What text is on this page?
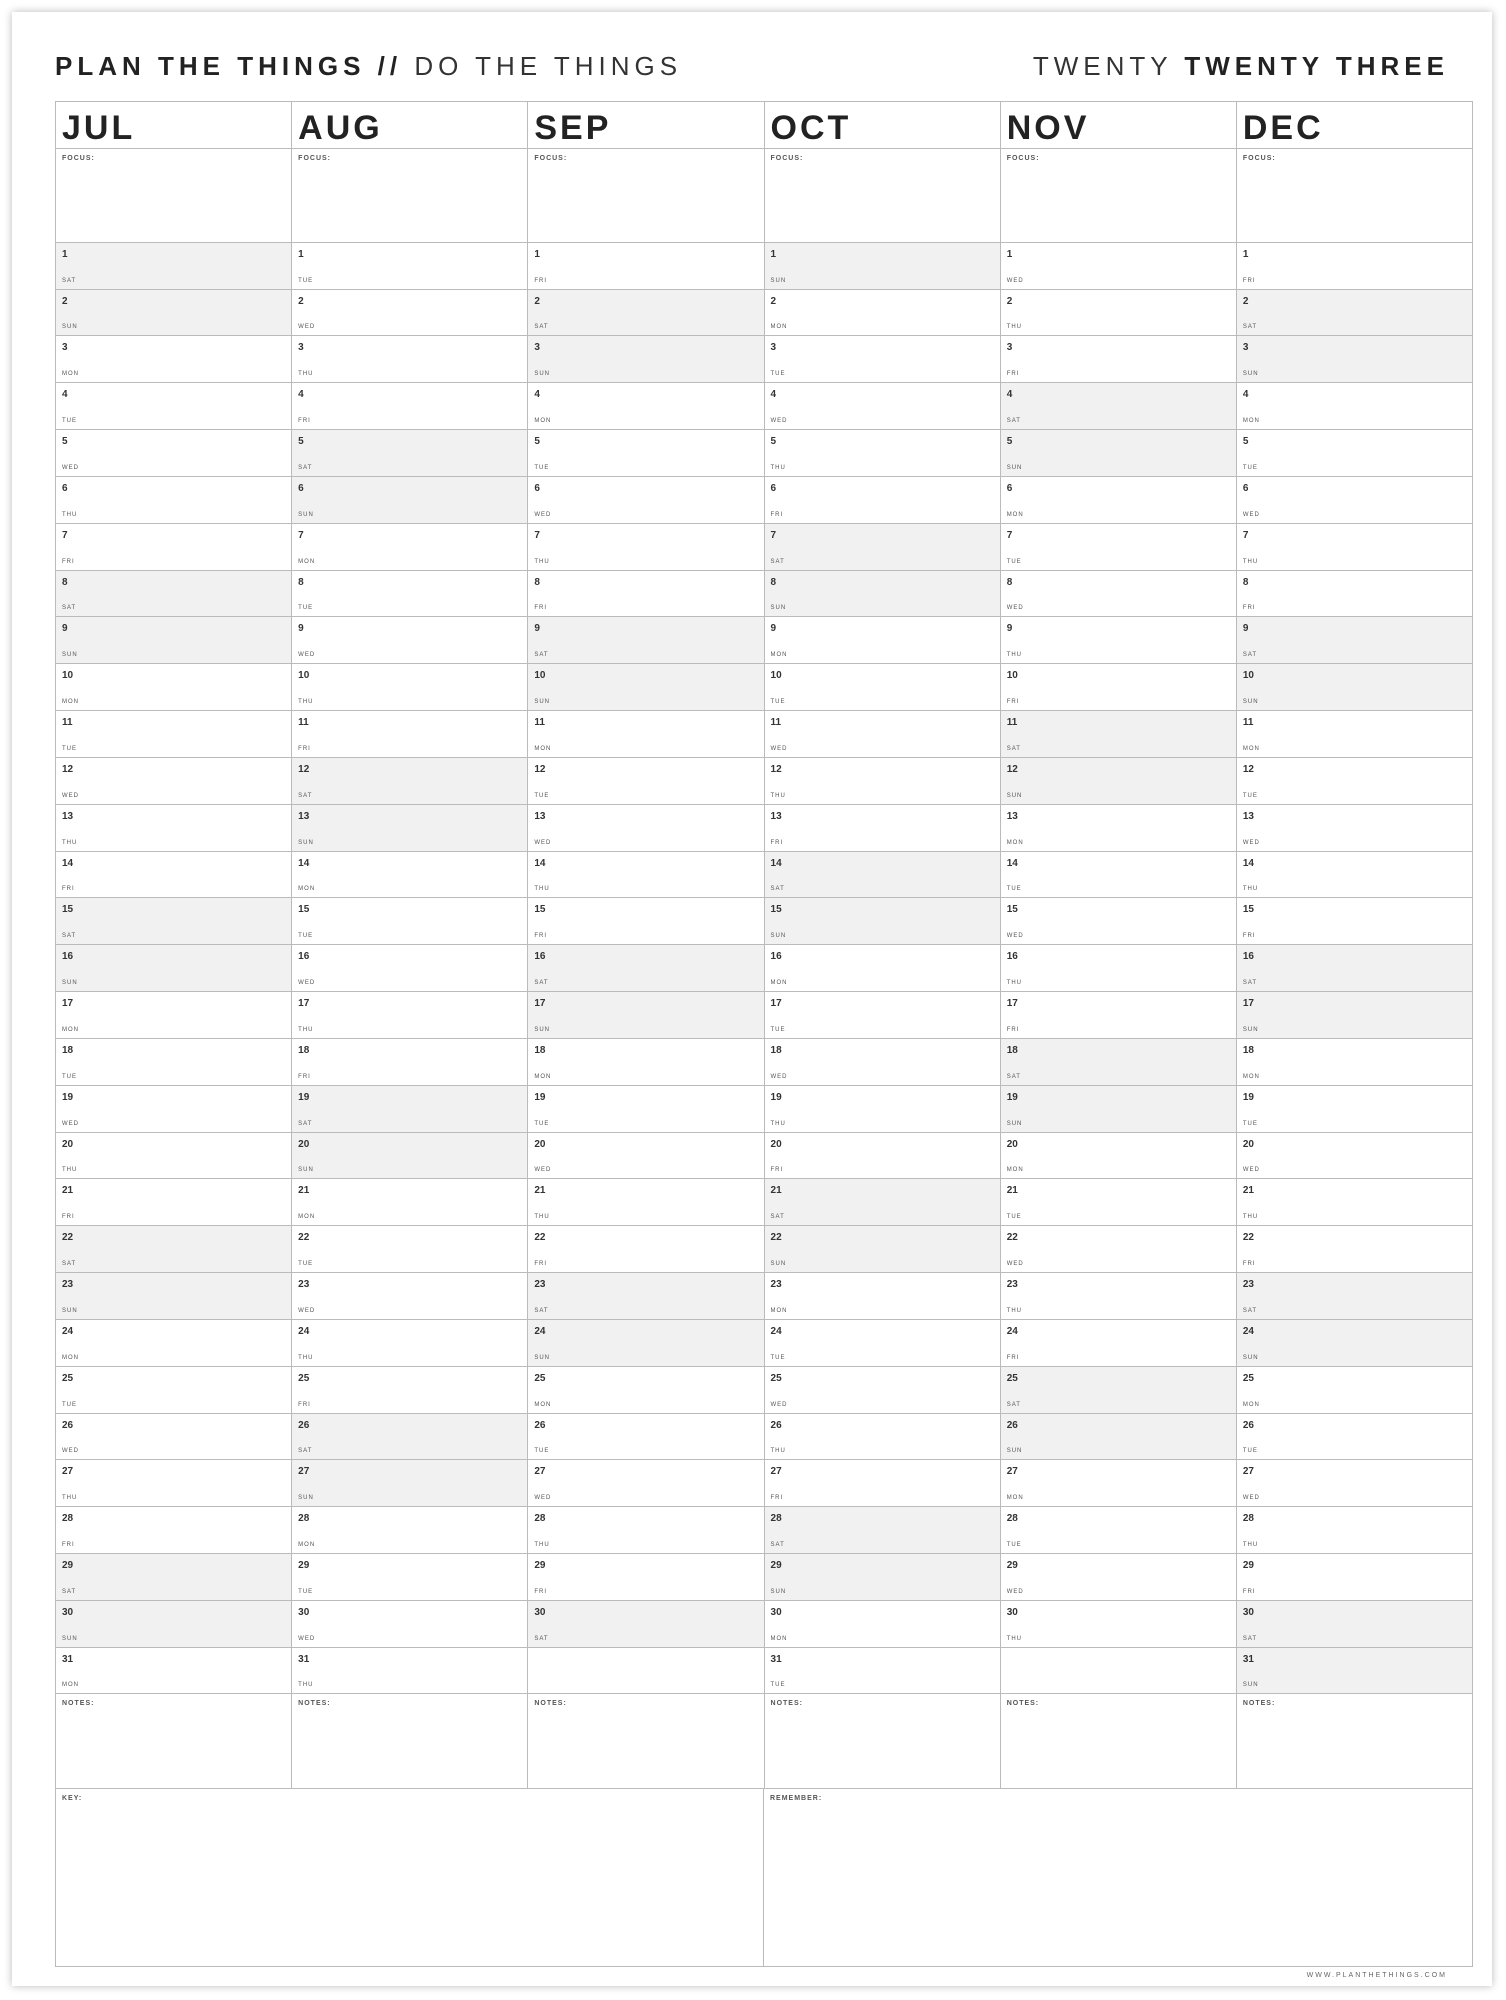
PLAN THE THINGS // DO THE THINGS	TWENTY TWENTY THREE
JUL
FOCUS:
1
SAT
2
SUN
3
MON
4
TUE
5
WED
6
THU
7
FRI
8
SAT
9
SUN
10
MON
11
TUE
12
WED
13
THU
14
FRI
15
SAT
16
SUN
17
MON
18
TUE
19
WED
20
THU
21
FRI
22
SAT
23
SUN
24
MON
25
TUE
26
WED
27
THU
28
FRI
29
SAT
30
SUN
31
MON
NOTES:
AUG
FOCUS:
1
TUE
2
WED
3
THU
4
FRI
5
SAT
6
SUN
7
MON
8
TUE
9
WED
10
THU
11
FRI
12
SAT
13
SUN
14
MON
15
TUE
16
WED
17
THU
18
FRI
19
SAT
20
SUN
21
MON
22
TUE
23
WED
24
THU
25
FRI
26
SAT
27
SUN
28
MON
29
TUE
30
WED
31
THU
NOTES:
SEP
FOCUS:
1
FRI
2
SAT
3
SUN
4
MON
5
TUE
6
WED
7
THU
8
FRI
9
SAT
10
SUN
11
MON
12
TUE
13
WED
14
THU
15
FRI
16
SAT
17
SUN
18
MON
19
TUE
20
WED
21
THU
22
FRI
23
SAT
24
SUN
25
MON
26
TUE
27
WED
28
THU
29
FRI
30
SAT
NOTES:
OCT
FOCUS:
1
SUN
2
MON
3
TUE
4
WED
5
THU
6
FRI
7
SAT
8
SUN
9
MON
10
TUE
11
WED
12
THU
13
FRI
14
SAT
15
SUN
16
MON
17
TUE
18
WED
19
THU
20
FRI
21
SAT
22
SUN
23
MON
24
TUE
25
WED
26
THU
27
FRI
28
SAT
29
SUN
30
MON
31
TUE
NOTES:
NOV
FOCUS:
1
WED
2
THU
3
FRI
4
SAT
5
SUN
6
MON
7
TUE
8
WED
9
THU
10
FRI
11
SAT
12
SUN
13
MON
14
TUE
15
WED
16
THU
17
FRI
18
SAT
19
SUN
20
MON
21
TUE
22
WED
23
THU
24
FRI
25
SAT
26
SUN
27
MON
28
TUE
29
WED
30
THU
NOTES:
DEC
FOCUS:
1
FRI
2
SAT
3
SUN
4
MON
5
TUE
6
WED
7
THU
8
FRI
9
SAT
10
SUN
11
MON
12
TUE
13
WED
14
THU
15
FRI
16
SAT
17
SUN
18
MON
19
TUE
20
WED
21
THU
22
FRI
23
SAT
24
SUN
25
MON
26
TUE
27
WED
28
THU
29
FRI
30
SAT
31
SUN
NOTES:
KEY:	REMEMBER:
WWW.PLANTHETHINGS.COM
